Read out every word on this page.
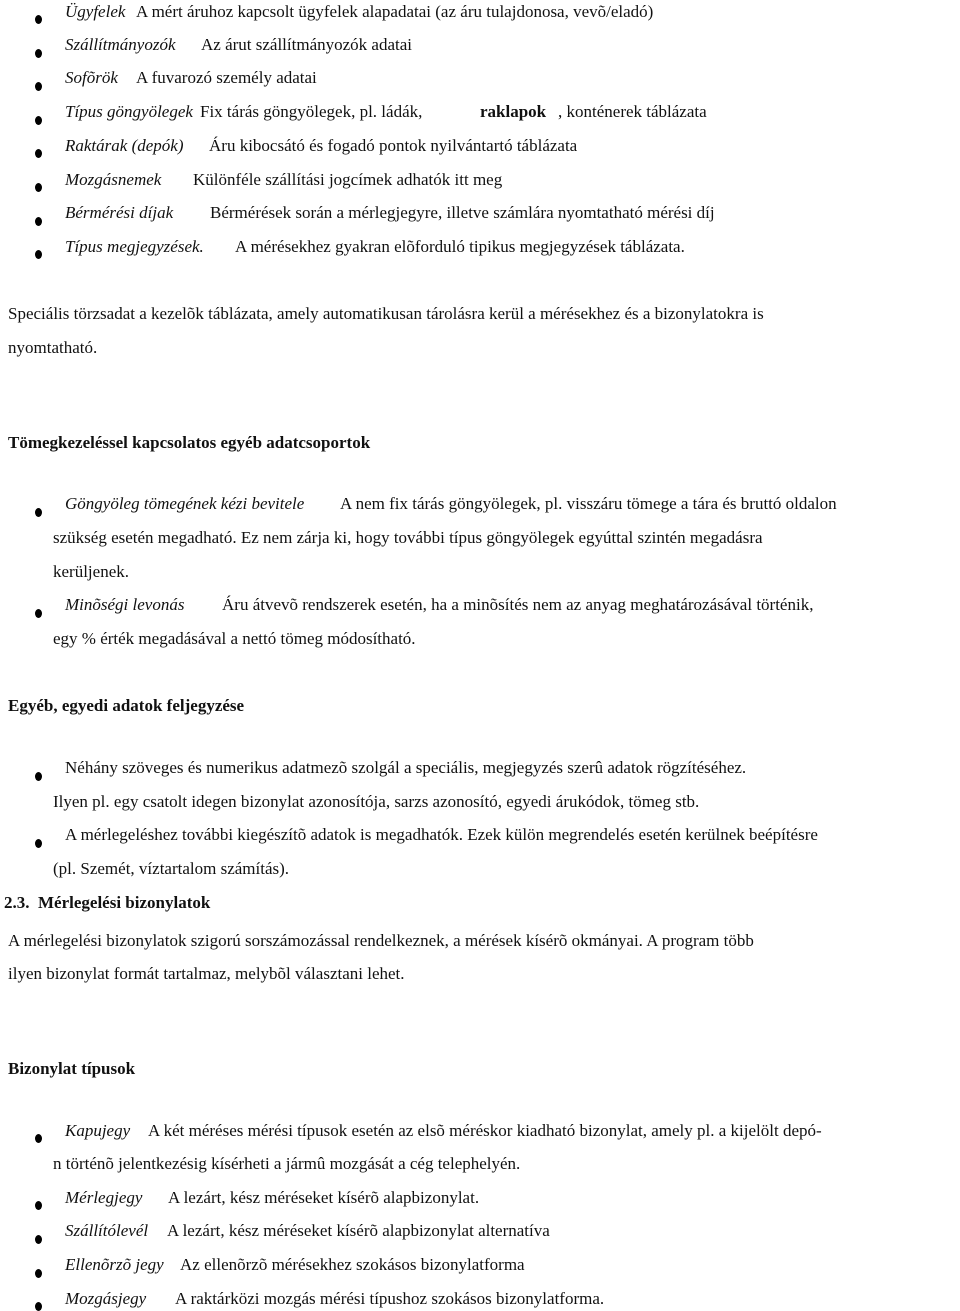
Ügyfelek A mért áruhoz kapcsolt ügyfelek alapadatai (az áru tulajdonosa, vevõ/eladó)
Szállítmányozók Az árut szállítmányozók adatai
Sofõrök A fuvarozó személy adatai
Típus göngyölegek Fix tárás göngyölegek, pl. ládák,	raklapok , konténerek táblázata
Raktárak (depók) Áru kibocsátó és fogadó pontok nyilvántartó táblázata
Mozgásnemek Különféle szállítási jogcímek adhatók itt meg
Bérmérési díjak Bérmérések során a mérlegjegyre, illetve számlára nyomtatható mérési díj
Típus megjegyzések. A mérésekhez gyakran elõforduló tipikus megjegyzések táblázata.
Speciális törzsadat a kezelõk táblázata, amely automatikusan tárolásra kerül a mérésekhez és a bizonylatokra is
nyomtatható.
Tömegkezeléssel kapcsolatos egyéb adatcsoportok
Göngyöleg tömegének kézi bevitele A nem fix tárás göngyölegek, pl. visszáru tömege a tára és bruttó oldalon
szükség esetén megadható. Ez nem zárja ki, hogy további típus göngyölegek egyúttal szintén megadásra
kerüljenek.
Minõségi levonás Áru átvevõ rendszerek esetén, ha a minõsítés nem az anyag meghatározásával történik,
egy % érték megadásával a nettó tömeg módosítható.
Egyéb, egyedi adatok feljegyzése
Néhány szöveges és numerikus adatmezõ szolgál a speciális, megjegyzés szerû adatok rögzítéséhez.
Ilyen pl. egy csatolt idegen bizonylat azonosítója, sarzs azonosító, egyedi árukódok, tömeg stb.
A mérlegeléshez további kiegészítõ adatok is megadhatók. Ezek külön megrendelés esetén kerülnek beépítésre
(pl. Szemét, víztartalom számítás).
2.3. Mérlegelési bizonylatok
A mérlegelési bizonylatok szigorú sorszámozással rendelkeznek, a mérések kísérõ okmányai. A program több
ilyen bizonylat formát tartalmaz, melybõl választani lehet.
Bizonylat típusok
Kapujegy A két méréses mérési típusok esetén az elsõ méréskor kiadható bizonylat, amely pl. a kijelölt depó-
n történõ jelentkezésig kísérheti a jármû mozgását a cég telephelyén.
Mérlegjegy A lezárt, kész méréseket kísérõ alapbizonylat.
Szállítólevél A lezárt, kész méréseket kísérõ alapbizonylat alternatíva
Ellenõrzõ jegy Az ellenõrzõ mérésekhez szokásos bizonylatforma
Mozgásjegy A raktárközi mozgás mérési típushoz szokásos bizonylatforma.
